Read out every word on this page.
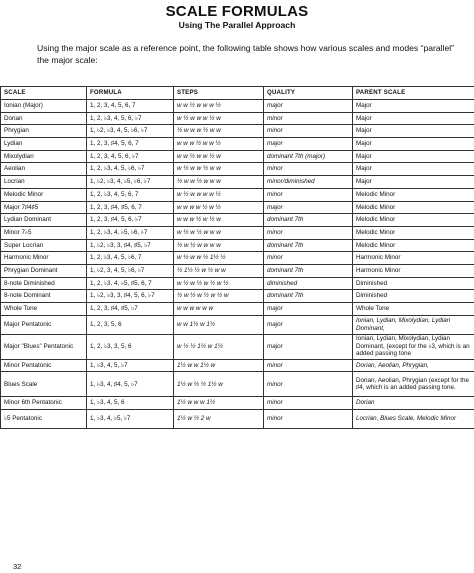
SCALE FORMULAS
Using The Parallel Approach

Using the major scale as a reference point, the following table shows how various scales and modes “parallel” the major scale:

SCALE	FORMULA	STEPS	QUALITY	PARENT SCALE
Ionian (Major)	1, 2, 3, 4, 5, 6, 7	w w ½ w w w ½	major	Major
Dorian	1, 2, ♭3, 4, 5, 6, ♭7	w ½ w w w ½ w	minor	Major
Phrygian	1, ♭2, ♭3, 4, 5, ♭6, ♭7	½ w w w ½ w w	minor	Major
Lydian	1, 2, 3, ♯4, 5, 6, 7	w w w ½ w w ½	major	Major
Mixolydian	1, 2, 3, 4, 5, 6, ♭7	w w ½ w w ½ w	dominant 7th (major)	Major
Aeolian	1, 2, ♭3, 4, 5, ♭6, ♭7	w ½ w w ½ w w	minor	Major
Locrian	1, ♭2, ♭3, 4, ♭5, ♭6, ♭7	½ w w ½ w w w	minor/diminished	Major
Melodic Minor	1, 2, ♭3, 4, 5, 6, 7	w ½ w w w w ½	minor	Melodic Minor
Major 7♯4♯5	1, 2, 3, ♯4, ♯5, 6, 7	w w w w ½ w ½	major	Melodic Minor
Lydian Dominant	1, 2, 3, ♯4, 5, 6, ♭7	w w w ½ w ½ w	dominant 7th	Melodic Minor
Minor 7♭5	1, 2, ♭3, 4, ♭5, ♭6, ♭7	w ½ w ½ w w w	minor	Melodic Minor
Super Locrian	1, ♭2, ♭3, 3, ♯4, ♯5, ♭7	½ w ½ w w w w	dominant 7th	Melodic Minor
Harmonic Minor	1, 2, ♭3, 4, 5, ♭6, 7	w ½ w w ½ 1½ ½	minor	Harmonic Minor
Phrygian Dominant	1, ♭2, 3, 4, 5, ♭6, ♭7	½ 1½ ½ w ½ w w	dominant 7th	Harmonic Minor
8-note Diminished	1, 2, ♭3, 4, ♭5, ♯5, 6, 7	w ½ w ½ w ½ w ½	diminished	Diminished
8-note Dominant	1, ♭2, ♭3, 3, ♯4, 5, 6, ♭7	½ w ½ w ½ w ½ w	dominant 7th	Diminished
Whole Tone	1, 2, 3, ♯4, ♯5, ♭7	w w w w w w	major	Whole Tone
Major Pentatonic	1, 2, 3, 5, 6	w w 1½ w 1½	major	Ionian, Lydian, Mixolydian, Lydian Dominant,
Major "Blues" Pentatonic	1, 2, ♭3, 3, 5, 6	w ½ ½ 1½ w 1½	major	Ionian, Lydian, Mixolydian, Lydian Dominant, (except for the ♭3, which is an added passing tone
Minor Pentatonic	1, ♭3, 4, 5, ♭7	1½ w w 1½ w	minor	Dorian, Aeolian, Phrygian,
Blues Scale	1, ♭3, 4, ♯4, 5, ♭7	1½ w ½ ½ 1½ w	minor	Dorian, Aeolian, Phrygian (except for the ♯4, which is an added passing tone.
Minor 6th Pentatonic	1, ♭3, 4, 5, 6	1½ w w w 1½	minor	Dorian
♭5 Pentatonic	1, ♭3, 4, ♭5, ♭7	1½ w ½ 2 w	minor	Locrian, Blues Scale, Melodic Minor
32
